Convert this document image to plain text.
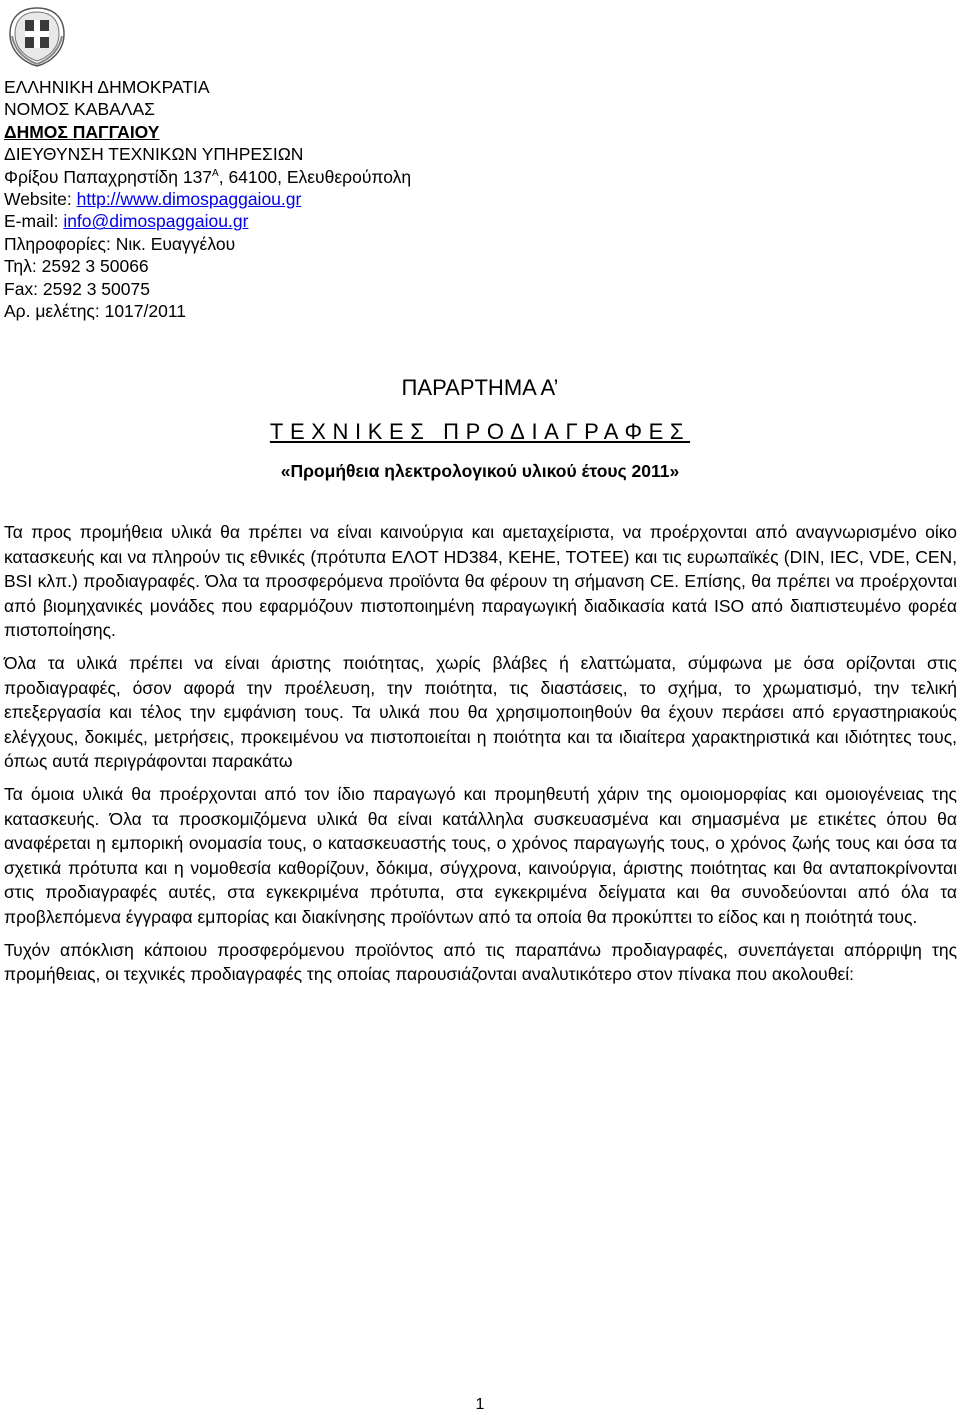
ΕΛΛΗΝΙΚΗ ΔΗΜΟΚΡΑΤΙΑ
ΝΟΜΟΣ ΚΑΒΑΛΑΣ
ΔΗΜΟΣ ΠΑΓΓΑΙΟΥ
ΔΙΕΥΘΥΝΣΗ ΤΕΧΝΙΚΩΝ ΥΠΗΡΕΣΙΩΝ
Φρίξου Παπαχρηστίδη $137^A$, 64100, Ελευθερούπολη
Website: http://www.dimospaggaiou.gr
E-mail: info@dimospaggaiou.gr
Πληροφορίες: Νικ. Ευαγγέλου
Τηλ: 2592 3 50066
Fax: 2592 3 50075
Αρ. μελέτης: 1017/2011
ΠΑΡΑΡΤΗΜΑ Α’
ΤΕΧΝΙΚΕΣ ΠΡΟΔΙΑΓΡΑΦΕΣ
«Προμήθεια ηλεκτρολογικού υλικού έτους 2011»

Τα προς προμήθεια υλικά θα πρέπει να είναι καινούργια και αμεταχείριστα, να προέρχονται από αναγνωρισμένο οίκο κατασκευής και να πληρούν τις εθνικές (πρότυπα ΕΛΟΤ HD384, ΚΕΗΕ, ΤΟΤΕΕ) και τις ευρωπαϊκές (DIN, IEC, VDE, CEN, BSI κλπ.) προδιαγραφές. Όλα τα προσφερόμενα προϊόντα θα φέρουν τη σήμανση CE. Επίσης, θα πρέπει να προέρχονται από βιομηχανικές μονάδες που εφαρμόζουν πιστοποιημένη παραγωγική διαδικασία κατά ISO από διαπιστευμένο φορέα πιστοποίησης.

Όλα τα υλικά πρέπει να είναι άριστης ποιότητας, χωρίς βλάβες ή ελαττώματα, σύμφωνα με όσα ορίζονται στις προδιαγραφές, όσον αφορά την προέλευση, την ποιότητα, τις διαστάσεις, το σχήμα, το χρωματισμό, την τελική επεξεργασία και τέλος την εμφάνιση τους. Τα υλικά που θα χρησιμοποιηθούν θα έχουν περάσει από εργαστηριακούς ελέγχους, δοκιμές, μετρήσεις, προκειμένου να πιστοποιείται η ποιότητα και τα ιδιαίτερα χαρακτηριστικά και ιδιότητες τους, όπως αυτά περιγράφονται παρακάτω

Τα όμοια υλικά θα προέρχονται από τον ίδιο παραγωγό και προμηθευτή χάριν της ομοιομορφίας και ομοιογένειας της κατασκευής. Όλα τα προσκομιζόμενα υλικά θα είναι κατάλληλα συσκευασμένα και σημασμένα με ετικέτες όπου θα αναφέρεται η εμπορική ονομασία τους, ο κατασκευαστής τους, ο χρόνος παραγωγής τους, ο χρόνος ζωής τους και όσα τα σχετικά πρότυπα και η νομοθεσία καθορίζουν, δόκιμα, σύγχρονα, καινούργια, άριστης ποιότητας και θα ανταποκρίνονται στις προδιαγραφές αυτές, στα εγκεκριμένα πρότυπα, στα εγκεκριμένα δείγματα και θα συνοδεύονται από όλα τα προβλεπόμενα έγγραφα εμπορίας και διακίνησης προϊόντων από τα οποία θα προκύπτει το είδος και η ποιότητά τους.

Τυχόν απόκλιση κάποιου προσφερόμενου προϊόντος από τις παραπάνω προδιαγραφές, συνεπάγεται απόρριψη της προμήθειας, οι τεχνικές προδιαγραφές της οποίας παρουσιάζονται αναλυτικότερο στον πίνακα που ακολουθεί:

1
